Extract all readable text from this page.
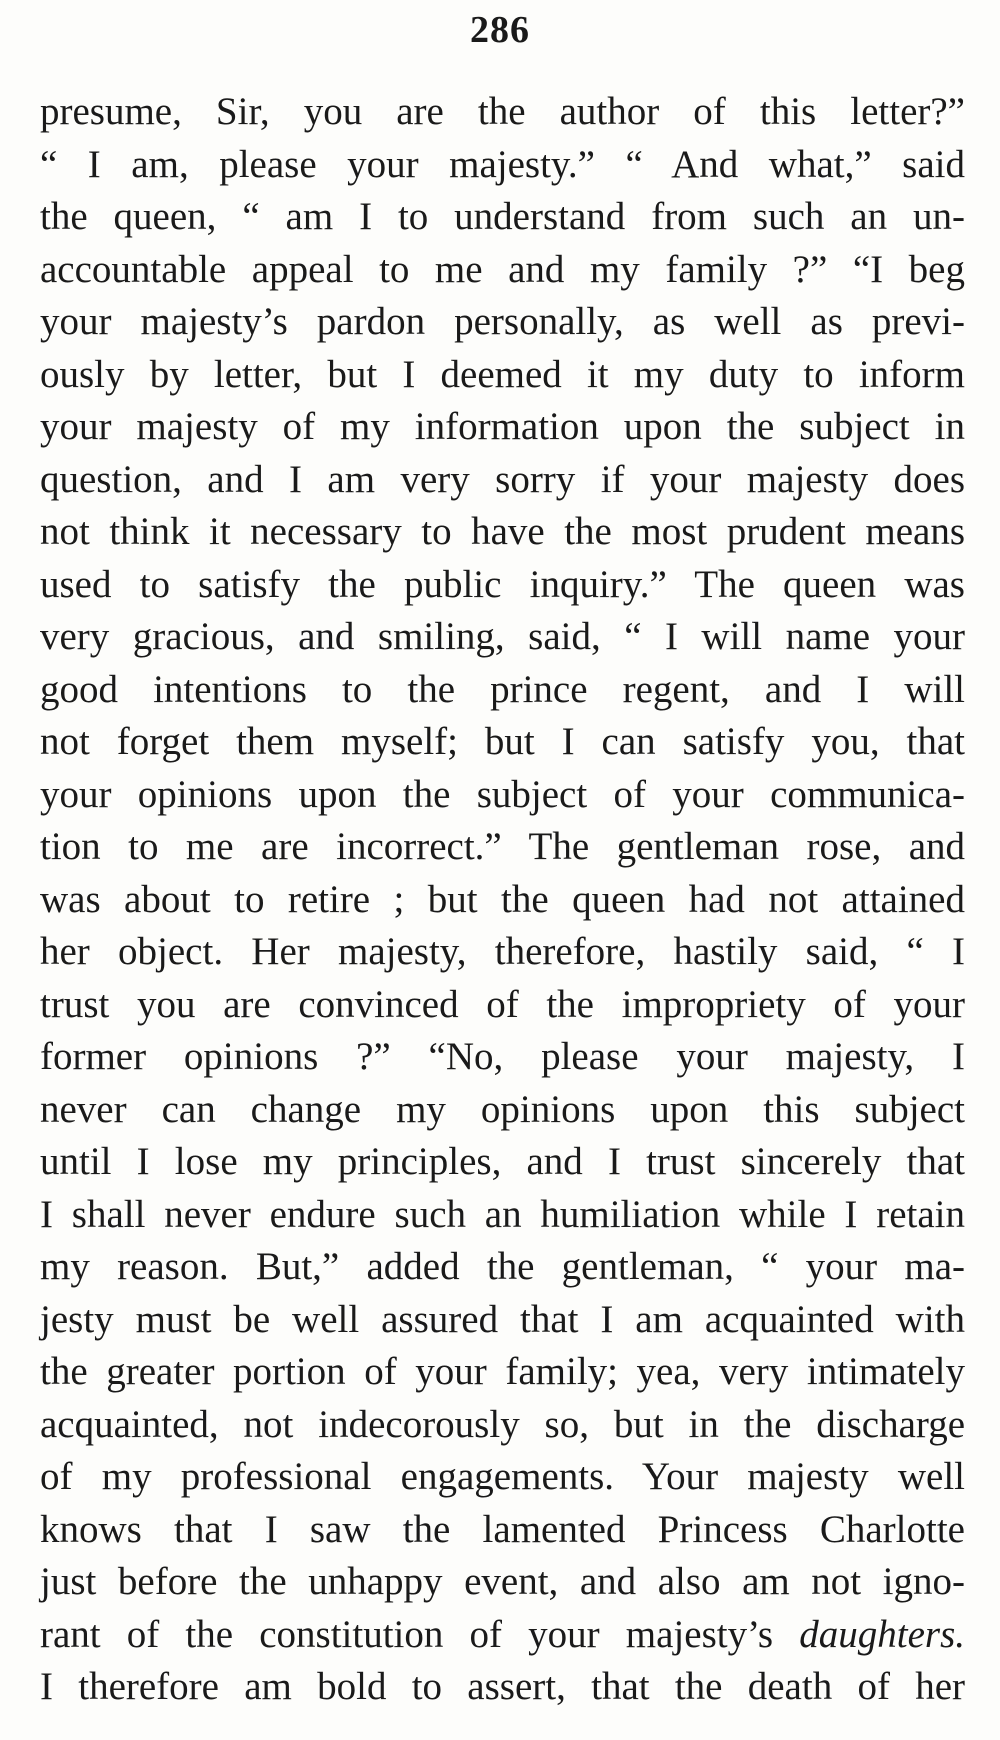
286
presume, Sir, you are the author of this letter?”
“ I am, please your majesty.” “ And what,” said
the queen, “ am I to understand from such an un-
accountable appeal to me and my family ?” “I beg
your majesty’s pardon personally, as well as previ-
ously by letter, but I deemed it my duty to inform
your majesty of my information upon the subject in
question, and I am very sorry if your majesty does
not think it necessary to have the most prudent means
used to satisfy the public inquiry.” The queen was
very gracious, and smiling, said, “ I will name your
good intentions to the prince regent, and I will
not forget them myself; but I can satisfy you, that
your opinions upon the subject of your communica-
tion to me are incorrect.” The gentleman rose, and
was about to retire ; but the queen had not attained
her object. Her majesty, therefore, hastily said, “ I
trust you are convinced of the impropriety of your
former opinions ?” “No, please your majesty, I
never can change my opinions upon this subject
until I lose my principles, and I trust sincerely that
I shall never endure such an humiliation while I retain
my reason. But,” added the gentleman, “ your ma-
jesty must be well assured that I am acquainted with
the greater portion of your family; yea, very intimately
acquainted, not indecorously so, but in the discharge
of my professional engagements. Your majesty well
knows that I saw the lamented Princess Charlotte
just before the unhappy event, and also am not igno-
rant of the constitution of your majesty’s daughters.
I therefore am bold to assert, that the death of her
